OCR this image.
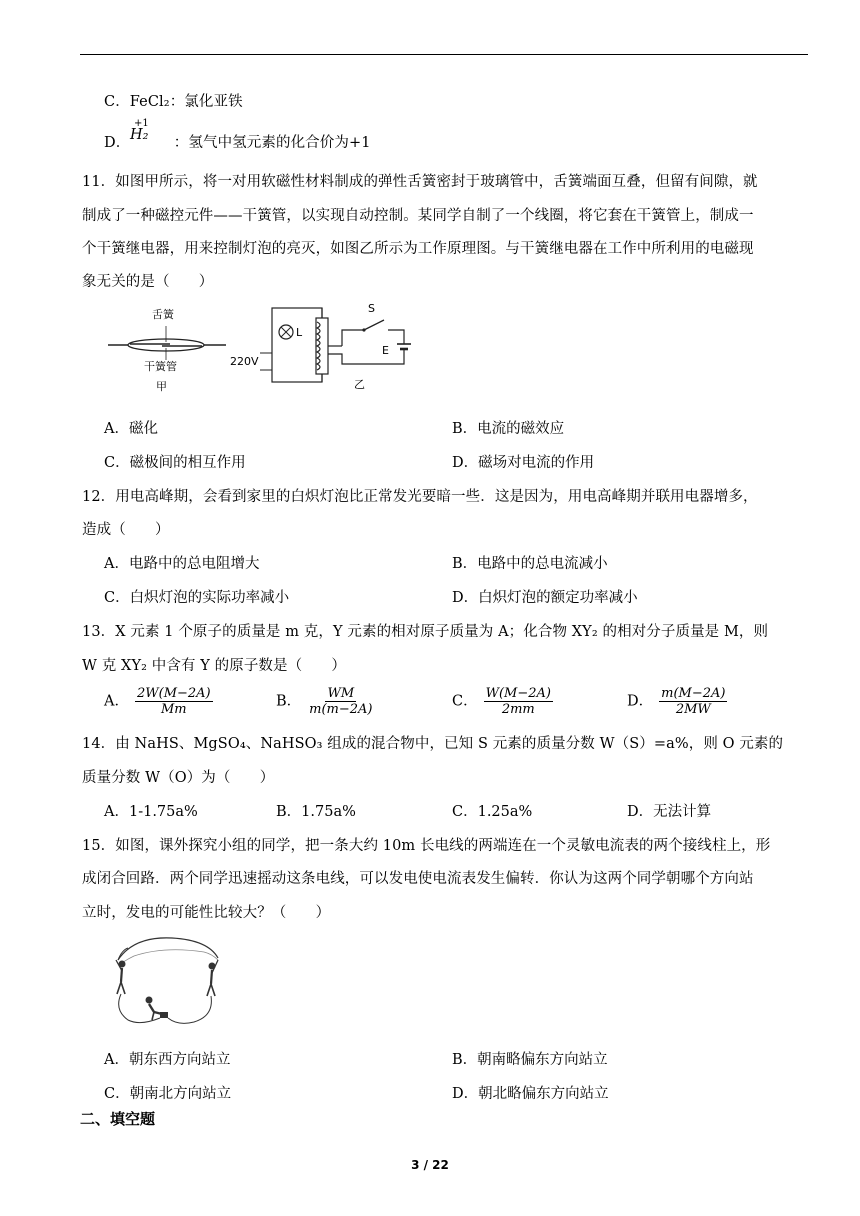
C．FeCl₂：氯化亚铁
D．	：氢气中氢元素的化合价为+1
+1
H₂
11．如图甲所示，将一对用软磁性材料制成的弹性舌簧密封于玻璃管中，舌簧端面互叠，但留有间隙，就
制成了一种磁控元件——干簧管，以实现自动控制。某同学自制了一个线圈，将它套在干簧管上，制成一
个干簧继电器，用来控制灯泡的亮灭，如图乙所示为工作原理图。与干簧继电器在工作中所利用的电磁现
象无关的是（　　）
舌簧
干簧管
甲
L
220V
S
E
乙
A．磁化	B．电流的磁效应
C．磁极间的相互作用	D．磁场对电流的作用
12．用电高峰期，会看到家里的白炽灯泡比正常发光要暗一些．这是因为，用电高峰期并联用电器增多，
造成（　　）
A．电路中的总电阻增大	B．电路中的总电流减小
C．白炽灯泡的实际功率减小	D．白炽灯泡的额定功率减小
13．X 元素 1 个原子的质量是 m 克，Y 元素的相对原子质量为 A；化合物 XY₂ 的相对分子质量是 M，则
W 克 XY₂ 中含有 Y 的原子数是（　　）
A． $\frac{2W(M-2A)}{Mm}$	B． $\frac{WM}{m(m-2A)}$	C． $\frac{W(M-2A)}{2mm}$	D． $\frac{m(M-2A)}{2MW}$
14．由 NaHS、MgSO₄、NaHSO₃ 组成的混合物中，已知 S 元素的质量分数 W（S）=a%，则 O 元素的
质量分数 W（O）为（　　）
A．1-1.75a%	B．1.75a%	C．1.25a%	D．无法计算
15．如图，课外探究小组的同学，把一条大约 10m 长电线的两端连在一个灵敏电流表的两个接线柱上，形
成闭合回路．两个同学迅速摇动这条电线，可以发电使电流表发生偏转．你认为这两个同学朝哪个方向站
立时，发电的可能性比较大？（　　）
A．朝东西方向站立	B．朝南略偏东方向站立
C．朝南北方向站立	D．朝北略偏东方向站立
二、填空题
3 / 22
